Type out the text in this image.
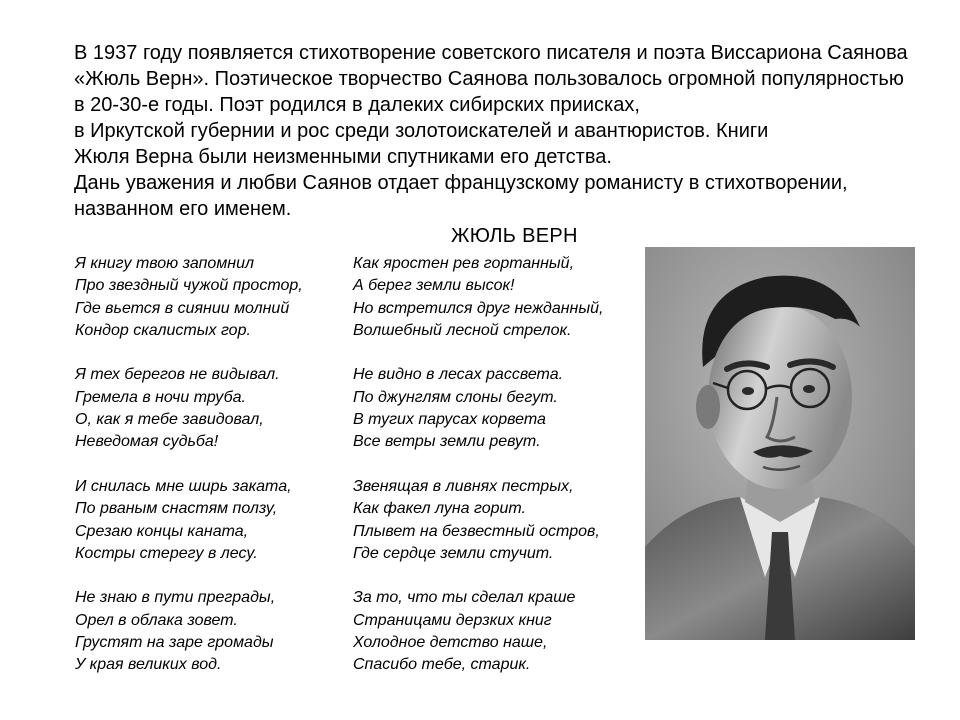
В 1937 году появляется стихотворение советского писателя и поэта Виссариона Саянова
«Жюль Верн». Поэтическое творчество Саянова пользовалось огромной популярностью
в 20-30-е годы. Поэт родился в далеких сибирских приисках,
в Иркутской губернии и рос среди золотоискателей и авантюристов. Книги
Жюля Верна были неизменными спутниками его детства.
Дань уважения и любви Саянов отдает французскому романисту в стихотворении,
названном его именем.
ЖЮЛЬ ВЕРН
Я книгу твою запомнил
Про звездный чужой простор,
Где вьется в сиянии молний
Кондор скалистых гор.
Я тех берегов не видывал.
Гремела в ночи труба.
О, как я тебе завидовал,
Неведомая судьба!
И снилась мне ширь заката,
По рваным снастям ползу,
Срезаю концы каната,
Костры стерегу в лесу.
Не знаю в пути преграды,
Орел в облака зовет.
Грустят на заре громады
У края великих вод.
Как яростен рев гортанный,
А берег земли высок!
Но встретился друг нежданный,
Волшебный лесной стрелок.
Не видно в лесах рассвета.
По джунглям слоны бегут.
В тугих парусах корвета
Все ветры земли ревут.
Звенящая в ливнях пестрых,
Как факел луна горит.
Плывет на безвестный остров,
Где сердце земли стучит.
За то, что ты сделал краше
Страницами дерзких книг
Холодное детство наше,
Спасибо тебе, старик.
